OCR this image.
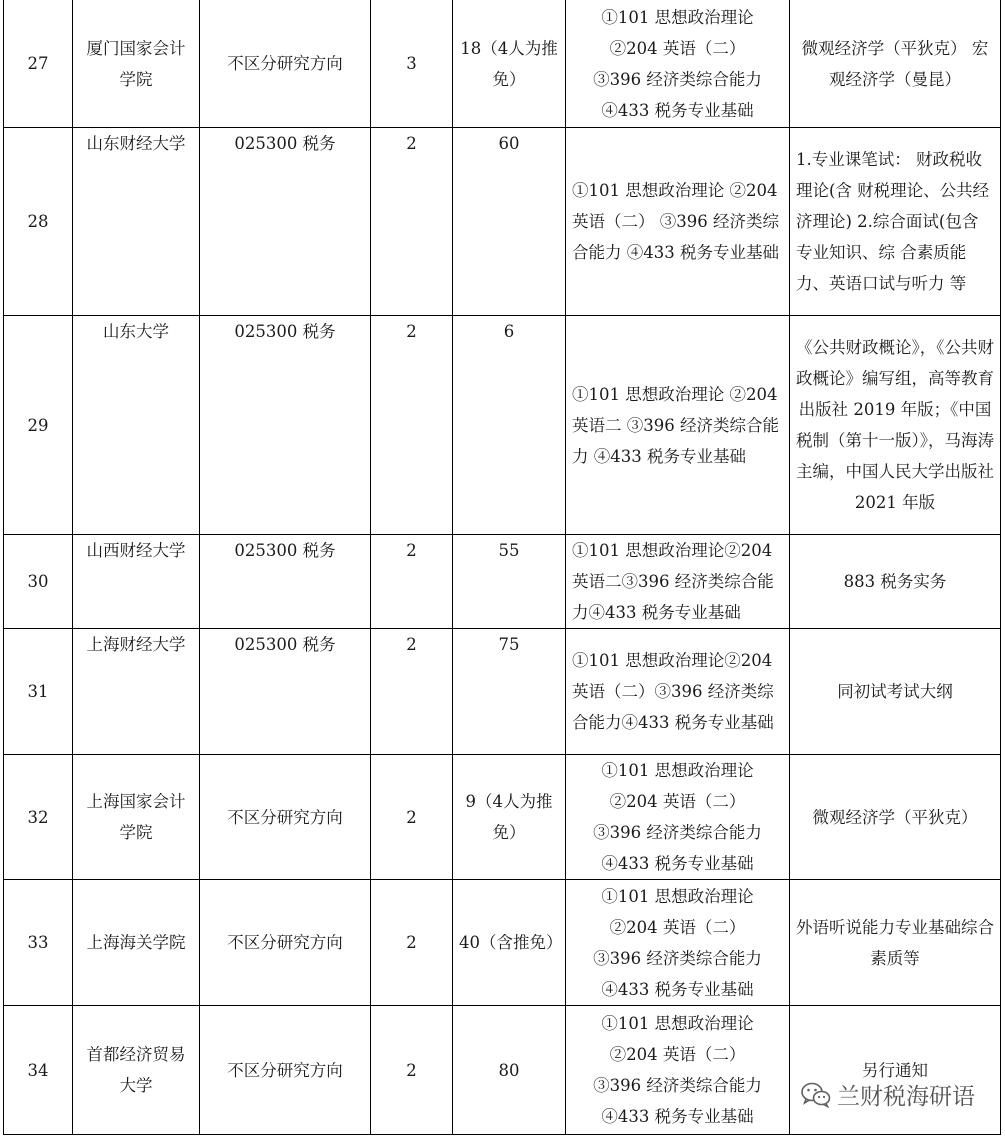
27	厦门国家会计学院	不区分研究方向	3	18（4人为推免）	①101 思想政治理论
②204 英语（二）
③396 经济类综合能力
④433 税务专业基础	微观经济学（平狄克） 宏观经济学（曼昆）
28	山东财经大学	025300 税务	2	60	①101 思想政治理论 ②204 英语（二） ③396 经济类综合能力 ④433 税务专业基础	1.专业课笔试： 财政税收理论(含 财税理论、公共经济理论) 2.综合面试(包含专业知识、综 合素质能力、英语口试与听力 等
29	山东大学	025300 税务	2	6	①101 思想政治理论 ②204 英语二 ③396 经济类综合能力 ④433 税务专业基础	《公共财政概论》，《公共财政概论》编写组，高等教育出版社 2019 年版；《中国税制（第十一版）》，马海涛主编，中国人民大学出版社 2021 年版
30	山西财经大学	025300 税务	2	55	①101 思想政治理论②204 英语二③396 经济类综合能力④433 税务专业基础	883 税务实务
31	上海财经大学	025300 税务	2	75	①101 思想政治理论②204 英语（二）③396 经济类综合能力④433 税务专业基础	同初试考试大纲
32	上海国家会计学院	不区分研究方向	2	9（4人为推免）	①101 思想政治理论
②204 英语（二）
③396 经济类综合能力
④433 税务专业基础	微观经济学（平狄克）
33	上海海关学院	不区分研究方向	2	40（含推免）	①101 思想政治理论
②204 英语（二）
③396 经济类综合能力
④433 税务专业基础	外语听说能力专业基础综合素质等
34	首都经济贸易大学	不区分研究方向	2	80	①101 思想政治理论
②204 英语（二）
③396 经济类综合能力
④433 税务专业基础	另行通知
兰财税海研语
